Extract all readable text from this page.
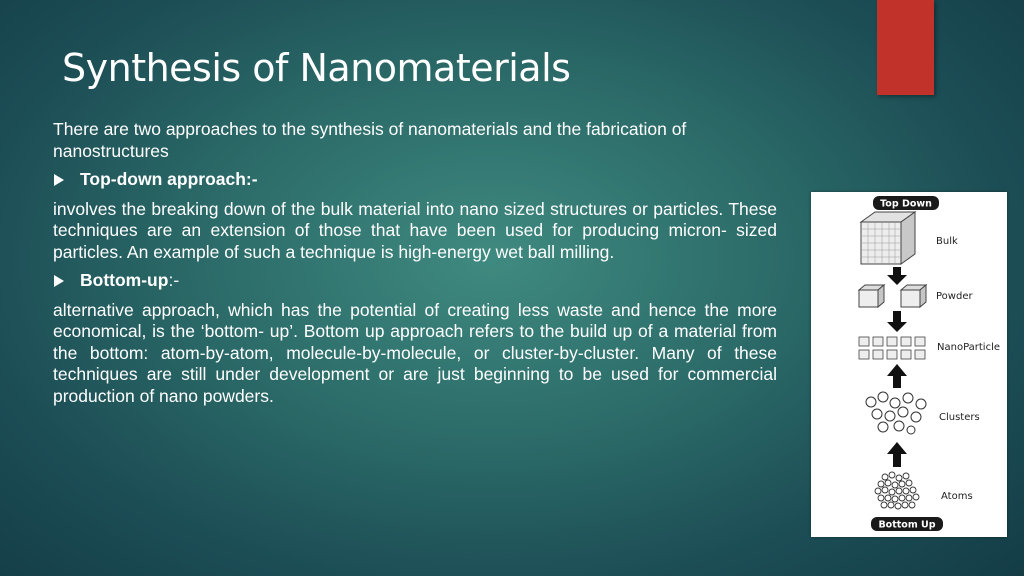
Synthesis of Nanomaterials

There are two approaches to the synthesis of nanomaterials and the fabrication of nanostructures

Top-down approach:-

involves the breaking down of the bulk material into nano sized structures or particles. These techniques are an extension of those that have been used for producing micron- sized particles. An example of such a technique is high-energy wet ball milling.

Bottom-up :-

alternative approach, which has the potential of creating less waste and hence the more economical, is the ‘bottom- up’. Bottom up approach refers to the build up of a material from the bottom: atom-by-atom, molecule-by-molecule, or cluster-by-cluster. Many of these techniques are still under development or are just beginning to be used for commercial production of nano powders.

Top Down
Bulk
Powder
NanoParticle
Clusters
Atoms
Bottom Up
